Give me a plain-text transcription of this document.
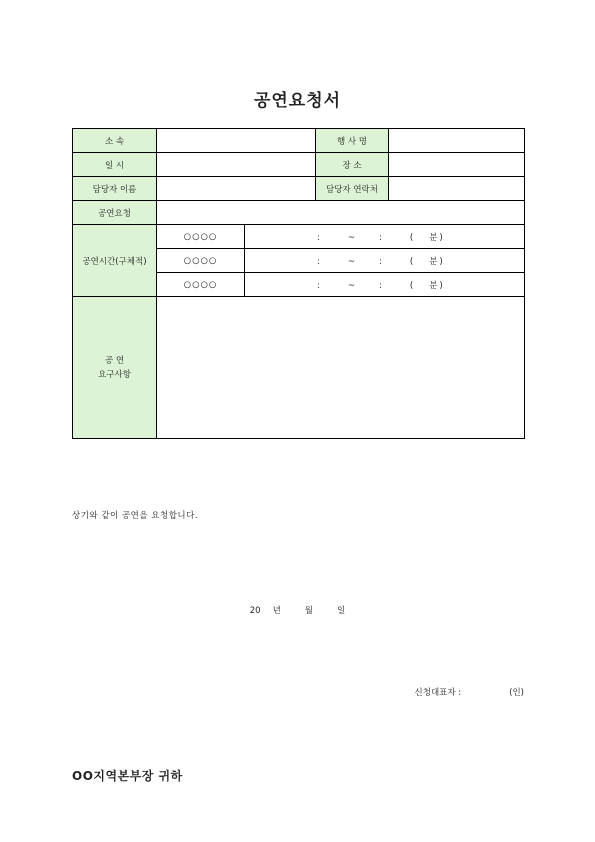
공연요청서
소 속			행 사 명	
일 시			장 소	
담당자 이름			담당자 연락처	
공연요청				
공연시간(구체적)	○○○○	: ~ : ( 분 )		
	○○○○	: ~ : ( 분 )		
	○○○○	: ~ : ( 분 )		

공 연
요구사항				

상기와 같이 공연을 요청합니다.
20 년	월	일
신청대표자 :	(인)
OO지역본부장 귀하
